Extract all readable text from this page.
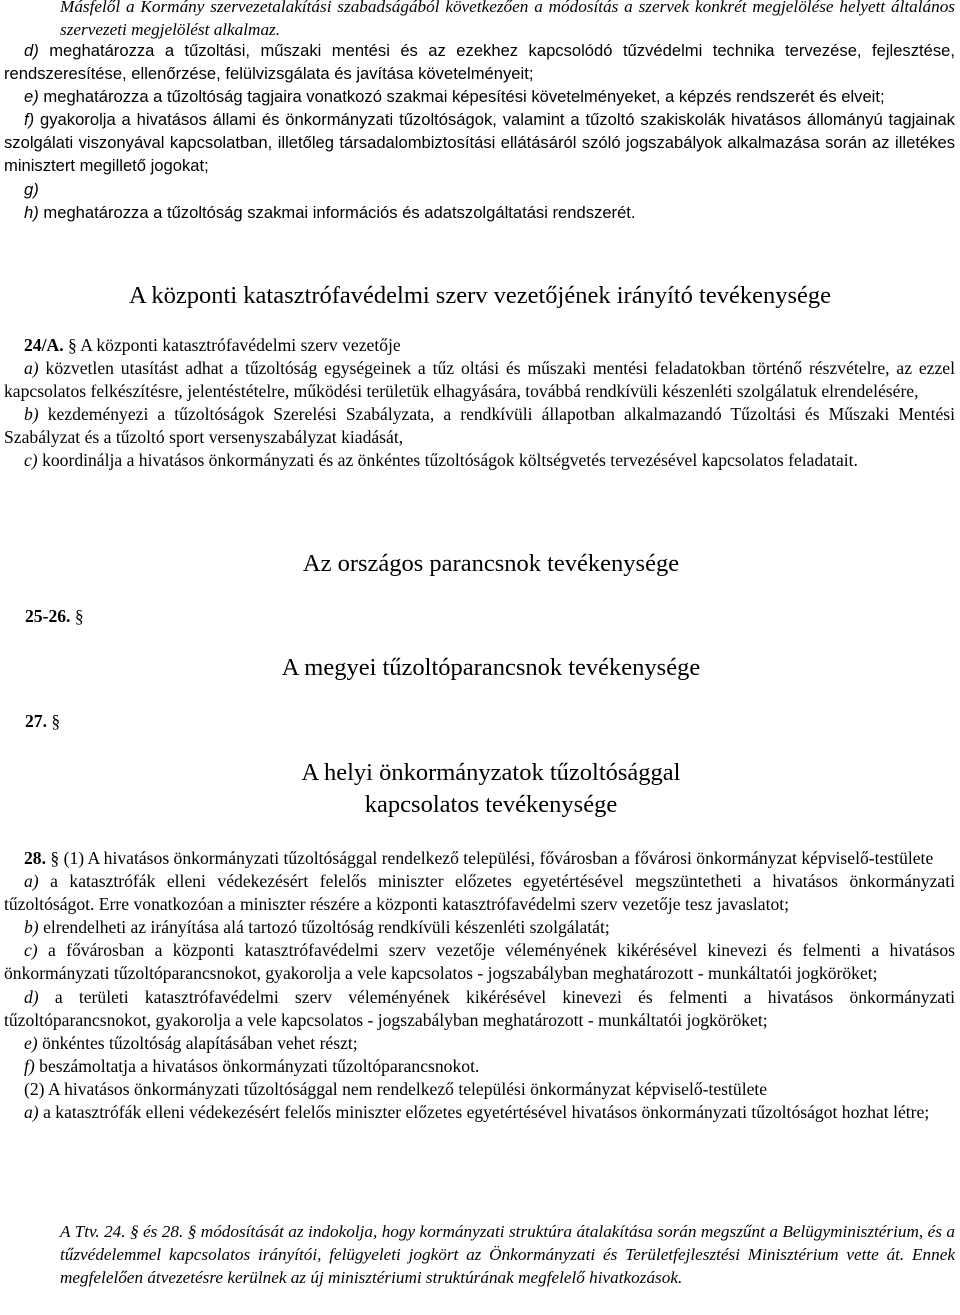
Másfelől a Kormány szervezetalakítási szabadságából következően a módosítás a szervek konkrét megjelölése helyett általános szervezeti megjelölést alkalmaz.

d) meghatározza a tűzoltási, műszaki mentési és az ezekhez kapcsolódó tűzvédelmi technika tervezése, fejlesztése, rendszeresítése, ellenőrzése, felülvizsgálata és javítása követelményeit;

e) meghatározza a tűzoltóság tagjaira vonatkozó szakmai képesítési követelményeket, a képzés rendszerét és elveit;

f) gyakorolja a hivatásos állami és önkormányzati tűzoltóságok, valamint a tűzoltó szakiskolák hivatásos állományú tagjainak szolgálati viszonyával kapcsolatban, illetőleg társadalombiztosítási ellátásáról szóló jogszabályok alkalmazása során az illetékes minisztert megillető jogokat;

g)

h) meghatározza a tűzoltóság szakmai információs és adatszolgáltatási rendszerét.

A központi katasztrófavédelmi szerv vezetőjének irányító tevékenysége

24/A. § A központi katasztrófavédelmi szerv vezetője

a) közvetlen utasítást adhat a tűzoltóság egységeinek a tűz oltási és műszaki mentési feladatokban történő részvételre, az ezzel kapcsolatos felkészítésre, jelentéstételre, működési területük elhagyására, továbbá rendkívüli készenléti szolgálatuk elrendelésére,

b) kezdeményezi a tűzoltóságok Szerelési Szabályzata, a rendkívüli állapotban alkalmazandó Tűzoltási és Műszaki Mentési Szabályzat és a tűzoltó sport versenyszabályzat kiadását,

c) koordinálja a hivatásos önkormányzati és az önkéntes tűzoltóságok költségvetés tervezésével kapcsolatos feladatait.

Az országos parancsnok tevékenysége
25-26. §
A megyei tűzoltóparancsnok tevékenysége
27. §
A helyi önkormányzatok tűzoltósággal
kapcsolatos tevékenysége

28. § (1) A hivatásos önkormányzati tűzoltósággal rendelkező települési, fővárosban a fővárosi önkormányzat képviselő-testülete

a) a katasztrófák elleni védekezésért felelős miniszter előzetes egyetértésével megszüntetheti a hivatásos önkormányzati tűzoltóságot. Erre vonatkozóan a miniszter részére a központi katasztrófavédelmi szerv vezetője tesz javaslatot;

b) elrendelheti az irányítása alá tartozó tűzoltóság rendkívüli készenléti szolgálatát;

c) a fővárosban a központi katasztrófavédelmi szerv vezetője véleményének kikérésével kinevezi és felmenti a hivatásos önkormányzati tűzoltóparancsnokot, gyakorolja a vele kapcsolatos - jogszabályban meghatározott - munkáltatói jogköröket;

d) a területi katasztrófavédelmi szerv véleményének kikérésével kinevezi és felmenti a hivatásos önkormányzati tűzoltóparancsnokot, gyakorolja a vele kapcsolatos - jogszabályban meghatározott - munkáltatói jogköröket;

e) önkéntes tűzoltóság alapításában vehet részt;

f) beszámoltatja a hivatásos önkormányzati tűzoltóparancsnokot.

(2) A hivatásos önkormányzati tűzoltósággal nem rendelkező települési önkormányzat képviselő-testülete

a) a katasztrófák elleni védekezésért felelős miniszter előzetes egyetértésével hivatásos önkormányzati tűzoltóságot hozhat létre;

A Ttv. 24. § és 28. § módosítását az indokolja, hogy kormányzati struktúra átalakítása során megszűnt a Belügyminisztérium, és a tűzvédelemmel kapcsolatos irányítói, felügyeleti jogkört az Önkormányzati és Területfejlesztési Minisztérium vette át. Ennek megfelelően átvezetésre kerülnek az új minisztériumi struktúrának megfelelő hivatkozások.
